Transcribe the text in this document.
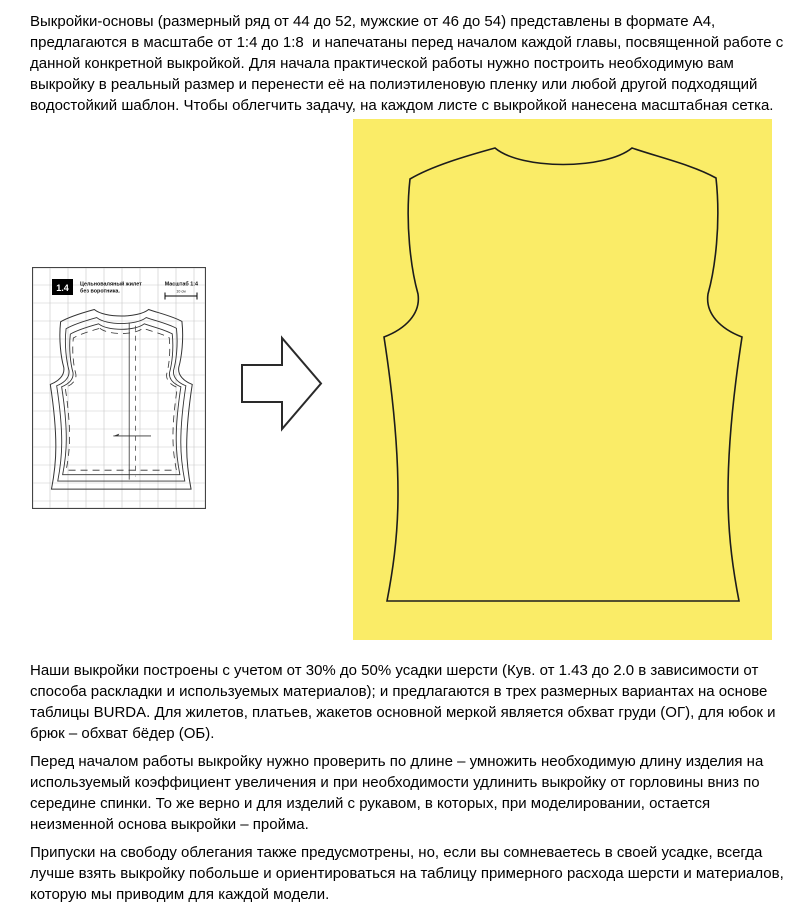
Выкройки-основы (размерный ряд от 44 до 52, мужские от 46 до 54) представлены в формате А4,  предлагаются в масштабе от 1:4 до 1:8  и напечатаны перед началом каждой главы, посвященной работе с данной конкретной выкройкой. Для начала практической работы нужно построить необходимую вам выкройку в реальный размер и перенести её на полиэтиленовую пленку или любой другой подходящий водостойкий шаблон. Чтобы облегчить задачу, на каждом листе с выкройкой нанесена масштабная сетка.

1.4 Цельноваляный жилет
без воротника.
Масштаб 1:4
10 см

Наши выкройки построены с учетом от 30% до 50% усадки шерсти (Кув. от 1.43 до 2.0 в зависимости от способа раскладки и используемых материалов); и предлагаются в трех размерных вариантах на основе таблицы BURDA. Для жилетов, платьев, жакетов основной меркой является обхват груди (ОГ), для юбок и брюк – обхват бёдер (ОБ).

Перед началом работы выкройку нужно проверить по длине – умножить необходимую длину изделия на используемый коэффициент увеличения и при необходимости удлинить выкройку от горловины вниз по середине спинки. То же верно и для изделий с рукавом, в которых, при моделировании, остается неизменной основа выкройки – пройма.

Припуски на свободу облегания также предусмотрены, но, если вы сомневаетесь в своей усадке, всегда лучше взять выкройку побольше и ориентироваться на таблицу примерного расхода шерсти и материалов, которую мы приводим для каждой модели.
